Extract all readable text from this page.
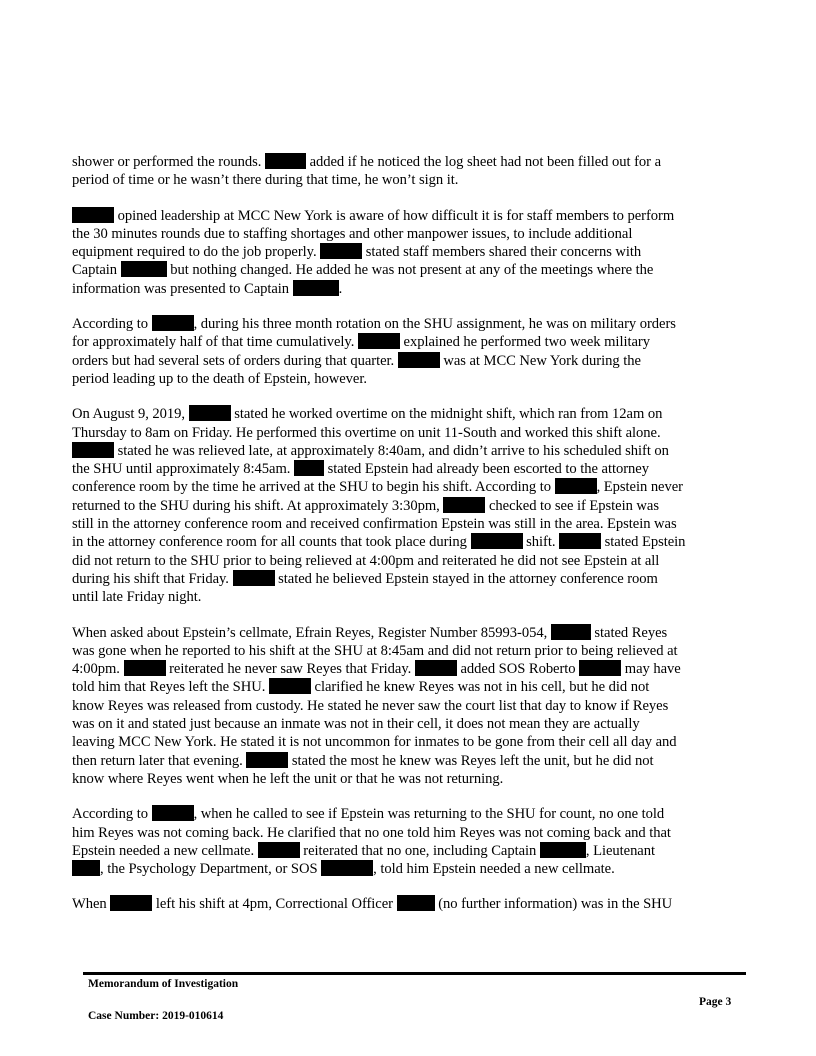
shower or performed the rounds.	added if he noticed the log sheet had not been filled out for a
period of time or he wasn’t there during that time, he won’t sign it.

opined leadership at MCC New York is aware of how difficult it is for staff members to perform
the 30 minutes rounds due to staffing shortages and other manpower issues, to include additional
equipment required to do the job properly.	stated staff members shared their concerns with
Captain	but nothing changed. He added he was not present at any of the meetings where the
information was presented to Captain	.

According to	, during his three month rotation on the SHU assignment, he was on military orders
for approximately half of that time cumulatively.	explained he performed two week military
orders but had several sets of orders during that quarter.	was at MCC New York during the
period leading up to the death of Epstein, however.

On August 9, 2019,	stated he worked overtime on the midnight shift, which ran from 12am on
Thursday to 8am on Friday. He performed this overtime on unit 11-South and worked this shift alone.
stated he was relieved late, at approximately 8:40am, and didn’t arrive to his scheduled shift on
the SHU until approximately 8:45am.	stated Epstein had already been escorted to the attorney
conference room by the time he arrived at the SHU to begin his shift. According to	, Epstein never
returned to the SHU during his shift. At approximately 3:30pm,	checked to see if Epstein was
still in the attorney conference room and received confirmation Epstein was still in the area. Epstein was
in the attorney conference room for all counts that took place during	shift.	stated Epstein
did not return to the SHU prior to being relieved at 4:00pm and reiterated he did not see Epstein at all
during his shift that Friday.	stated he believed Epstein stayed in the attorney conference room
until late Friday night.

When asked about Epstein’s cellmate, Efrain Reyes, Register Number 85993-054,	stated Reyes
was gone when he reported to his shift at the SHU at 8:45am and did not return prior to being relieved at
4:00pm.	reiterated he never saw Reyes that Friday.	added SOS Roberto	may have
told him that Reyes left the SHU.	clarified he knew Reyes was not in his cell, but he did not
know Reyes was released from custody. He stated he never saw the court list that day to know if Reyes
was on it and stated just because an inmate was not in their cell, it does not mean they are actually
leaving MCC New York. He stated it is not uncommon for inmates to be gone from their cell all day and
then return later that evening.	stated the most he knew was Reyes left the unit, but he did not
know where Reyes went when he left the unit or that he was not returning.

According to	, when he called to see if Epstein was returning to the SHU for count, no one told
him Reyes was not coming back. He clarified that no one told him Reyes was not coming back and that
Epstein needed a new cellmate.	reiterated that no one, including Captain	, Lieutenant
, the Psychology Department, or SOS	, told him Epstein needed a new cellmate.

When	left his shift at 4pm, Correctional Officer	(no further information) was in the SHU

Memorandum of Investigation
Case Number: 2019-010614
Page 3
